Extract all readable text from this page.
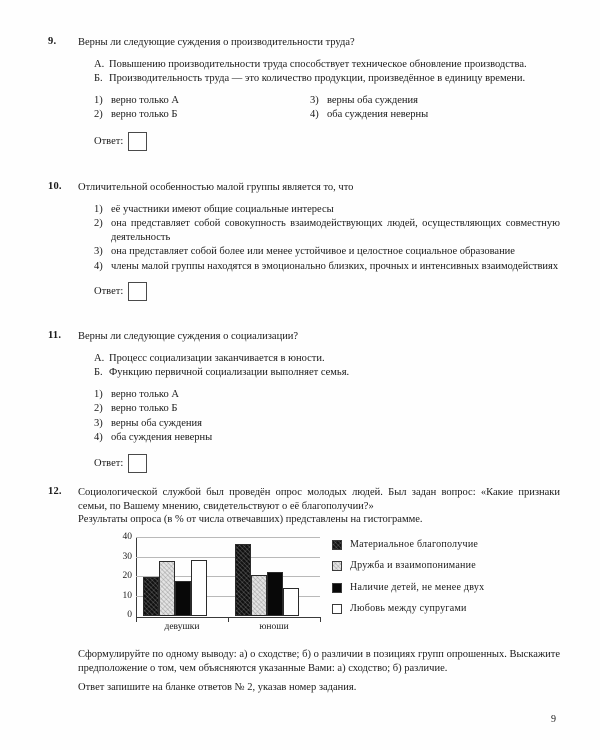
9.	Верны ли следующие суждения о производительности труда?
А. Повышению производительности труда способствует техническое обновление производства.
Б. Производительность труда — это количество продукции, произведённое в единицу времени.
1) верно только А	3) верны оба суждения
2) верно только Б	4) оба суждения неверны
Ответ:
10.	Отличительной особенностью малой группы является то, что
1) её участники имеют общие социальные интересы
2) она представляет собой совокупность взаимодействующих людей, осуществляющих совместную деятельность
3) она представляет собой более или менее устойчивое и целостное социальное образование
4) члены малой группы находятся в эмоционально близких, прочных и интенсивных взаимодействиях
Ответ:
11.	Верны ли следующие суждения о социализации?
А. Процесс социализации заканчивается в юности.
Б. Функцию первичной социализации выполняет семья.
1) верно только А
2) верно только Б
3) верны оба суждения
4) оба суждения неверны
Ответ:
12.	Социологической службой был проведён опрос молодых людей. Был задан вопрос: «Какие признаки семьи, по Вашему мнению, свидетельствуют о её благополучии?»
Результаты опроса (в % от числа отвечавших) представлены на гистограмме.
0
10
20
30
40
девушки	юноши
Материальное благополучие
Дружба и взаимопонимание
Наличие детей, не менее двух
Любовь между супругами

Сформулируйте по одному выводу: а) о сходстве; б) о различии в позициях групп опрошенных. Выскажите предположение о том, чем объясняются указанные Вами: а) сходство; б) различие.

Ответ запишите на бланке ответов № 2, указав номер задания.

9
